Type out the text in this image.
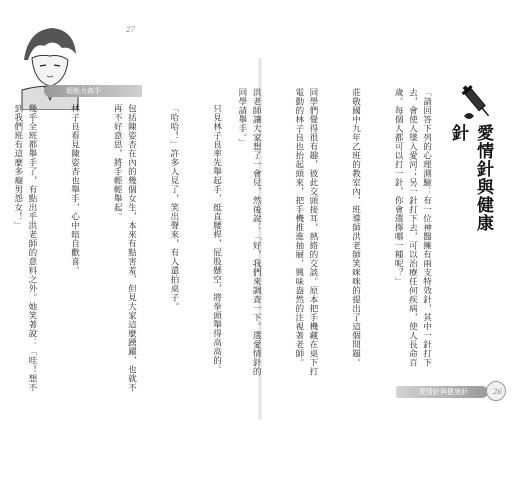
超能力高手
27

只見林子良率先舉起手，挺直腰桿，屁股懸空，將拳頭舉得高高的。

「哈哈！」許多人見了，笑出聲來，有人還拍桌子。

包括陳姿杏在內的幾個女生，本來有點害羞，但見大家這麼踴躍，也就不再不好意思，將手輕輕舉起。

林子良看見陳姿杏也舉手，心中暗自歡喜。

幾乎全班都舉手了，有點出乎洪老師的意料之外。她笑著說：「哇！想不到我們班有這麼多癡男怨女！」

	愛情針與健康針

「請回答下列的心理測驗：有一位神醫擁有兩支特效針，其中一針打下去，會使人墜入愛河；另一針打下去，可以治療任何疾病，使人長命百歲。每個人都可以打一針，你會選擇哪一種呢？」

莊敬國中九年乙班的教室內，班導師洪老師笑咪咪的提出了這個問題。

同學們覺得很有趣，彼此交頭接耳，熱絡的交談。原本把手機藏在桌下打電動的林子良也抬起頭來，把手機推進抽屜，興味盎然的注視著老師。

洪老師讓大家想了一會兒，然後說：「好，我們來調查一下。選愛情針的同學請舉手。」

愛情針與健康針	26
